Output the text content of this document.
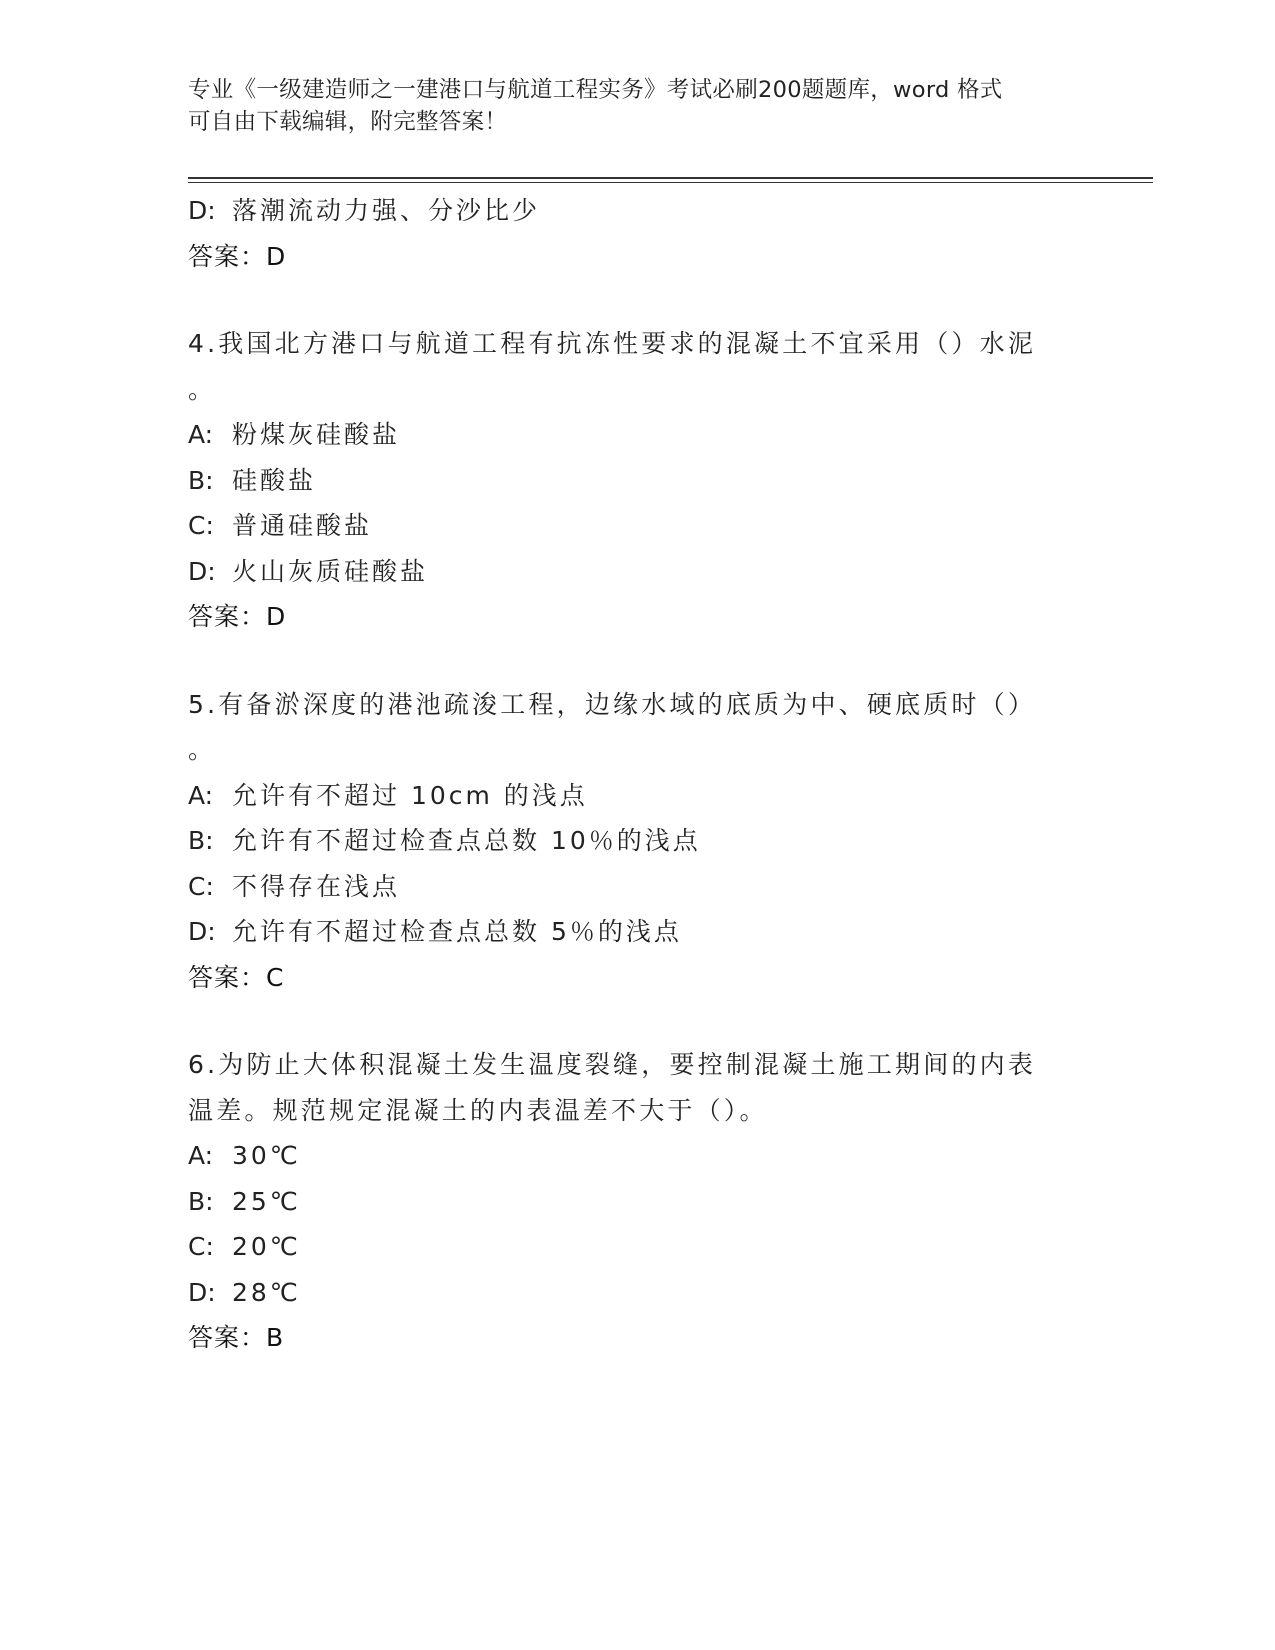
专业《一级建造师之一建港口与航道工程实务》考试必刷200题题库，word 格式
可自由下载编辑，附完整答案！
D: 落潮流动力强、分沙比少
答案：D
4.我国北方港口与航道工程有抗冻性要求的混凝土不宜采用（）水泥
。
A: 粉煤灰硅酸盐
B: 硅酸盐
C: 普通硅酸盐
D: 火山灰质硅酸盐
答案：D
5.有备淤深度的港池疏浚工程，边缘水域的底质为中、硬底质时（）
。
A: 允许有不超过 10cm 的浅点
B: 允许有不超过检查点总数 10％的浅点
C: 不得存在浅点
D: 允许有不超过检查点总数 5％的浅点
答案：C
6.为防止大体积混凝土发生温度裂缝，要控制混凝土施工期间的内表
温差。规范规定混凝土的内表温差不大于（）。
A: 30℃
B: 25℃
C: 20℃
D: 28℃
答案：B
